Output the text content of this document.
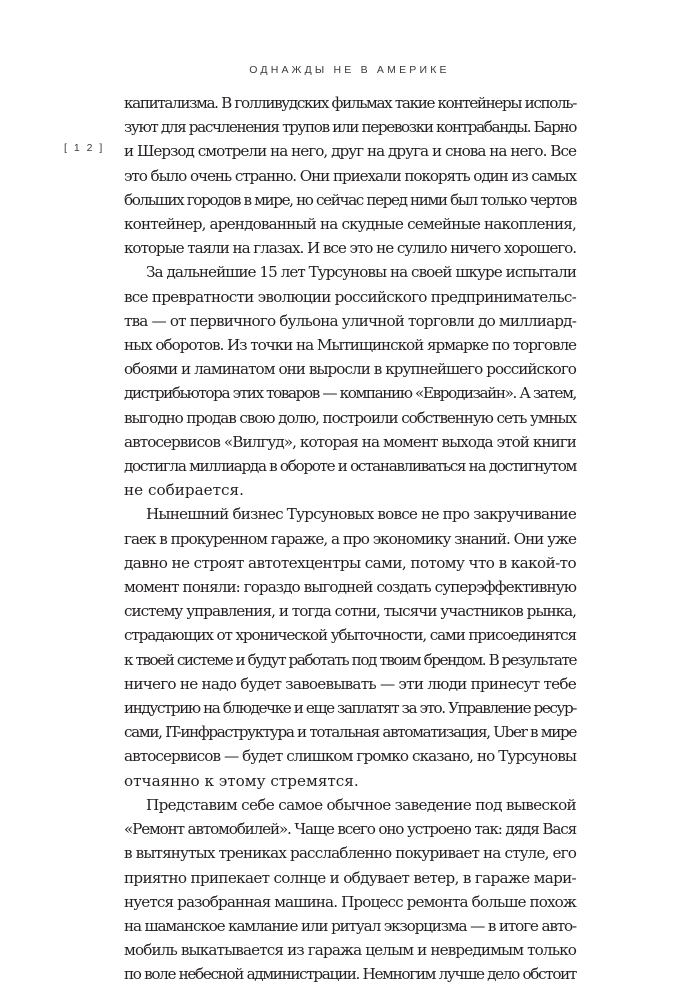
ОДНАЖДЫ НЕ В АМЕРИКЕ
[ 1 2 ]

капитализма. В голливудских фильмах такие контейнеры исполь-
зуют для расчленения трупов или перевозки контрабанды. Барно
и Шерзод смотрели на него, друг на друга и снова на него. Все
это было очень странно. Они приехали покорять один из самых
больших городов в мире, но сейчас перед ними был только чертов
контейнер, арендованный на скудные семейные накопления,
которые таяли на глазах. И все это не сулило ничего хорошего.

За дальнейшие 15 лет Турсуновы на своей шкуре испытали
все превратности эволюции российского предпринимательс-
тва — от первичного бульона уличной торговли до миллиард-
ных оборотов. Из точки на Мытищинской ярмарке по торговле
обоями и ламинатом они выросли в крупнейшего российского
дистрибьютора этих товаров — компанию «Евродизайн». А затем,
выгодно продав свою долю, построили собственную сеть умных
автосервисов «Вилгуд», которая на момент выхода этой книги
достигла миллиарда в обороте и останавливаться на достигнутом
не собирается.

Нынешний бизнес Турсуновых вовсе не про закручивание
гаек в прокуренном гараже, а про экономику знаний. Они уже
давно не строят автотехцентры сами, потому что в какой-то
момент поняли: гораздо выгодней создать суперэффективную
систему управления, и тогда сотни, тысячи участников рынка,
страдающих от хронической убыточности, сами присоединятся
к твоей системе и будут работать под твоим брендом. В результате
ничего не надо будет завоевывать — эти люди принесут тебе
индустрию на блюдечке и еще заплатят за это. Управление ресур-
сами, IT-инфраструктура и тотальная автоматизация, Uber в мире
автосервисов — будет слишком громко сказано, но Турсуновы
отчаянно к этому стремятся.

Представим себе самое обычное заведение под вывеской
«Ремонт автомобилей». Чаще всего оно устроено так: дядя Вася
в вытянутых трениках расслабленно покуривает на стуле, его
приятно припекает солнце и обдувает ветер, в гараже мари-
нуется разобранная машина. Процесс ремонта больше похож
на шаманское камлание или ритуал экзорцизма — в итоге авто-
мобиль выкатывается из гаража целым и невредимым только
по воле небесной администрации. Немногим лучше дело обстоит
